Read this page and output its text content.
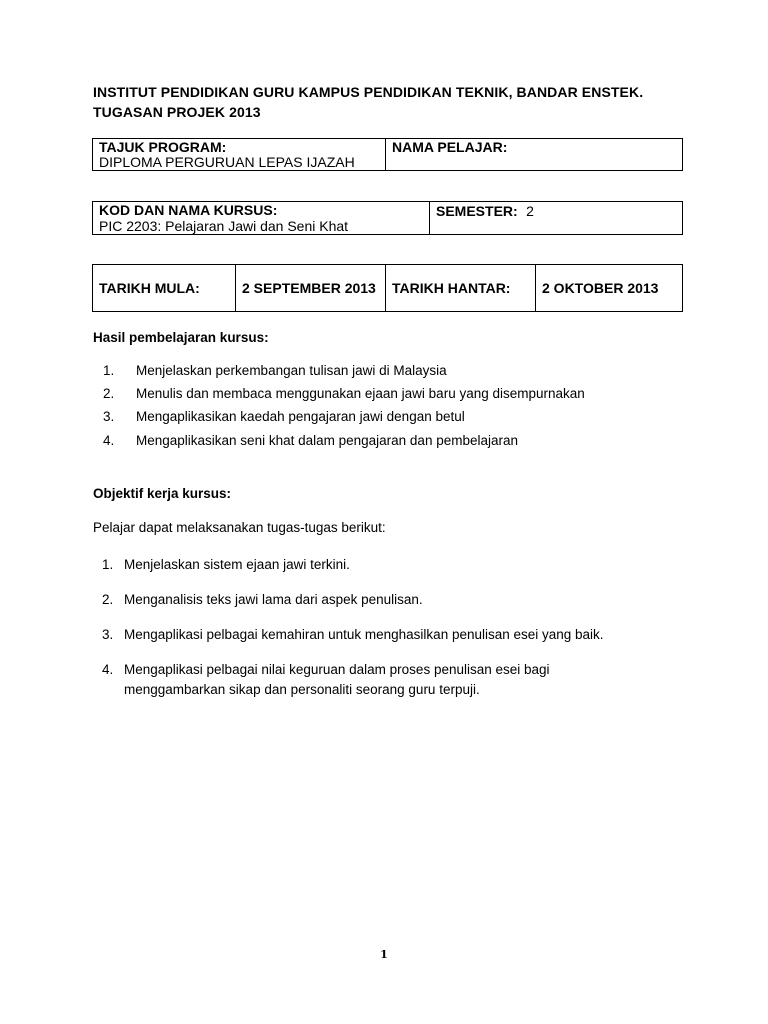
INSTITUT PENDIDIKAN GURU KAMPUS PENDIDIKAN TEKNIK, BANDAR ENSTEK.
TUGASAN PROJEK 2013
TAJUK PROGRAM:
DIPLOMA PERGURUAN LEPAS IJAZAH
NAMA PELAJAR:
KOD DAN NAMA KURSUS:
PIC 2203: Pelajaran Jawi dan Seni Khat
SEMESTER: 2
TARIKH MULA:	2 SEPTEMBER 2013 TARIKH HANTAR: 2 OKTOBER 2013
Hasil pembelajaran kursus:
1. Menjelaskan perkembangan tulisan jawi di Malaysia
2. Menulis dan membaca menggunakan ejaan jawi baru yang disempurnakan
3. Mengaplikasikan kaedah pengajaran jawi dengan betul
4. Mengaplikasikan seni khat dalam pengajaran dan pembelajaran
Objektif kerja kursus:
Pelajar dapat melaksanakan tugas-tugas berikut:
1. Menjelaskan sistem ejaan jawi terkini.
2. Menganalisis teks jawi lama dari aspek penulisan.
3. Mengaplikasi pelbagai kemahiran untuk menghasilkan penulisan esei yang baik.
4. Mengaplikasi pelbagai nilai keguruan dalam proses penulisan esei bagi
menggambarkan sikap dan personaliti seorang guru terpuji.
1
